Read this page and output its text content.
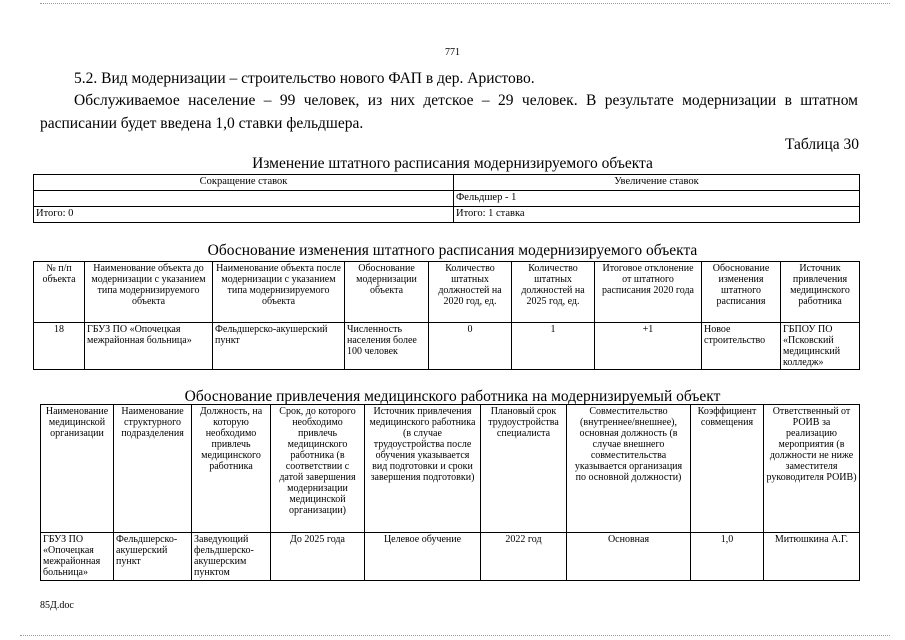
771
5.2. Вид модернизации – строительство нового ФАП в дер. Аристово.
Обслуживаемое население – 99 человек, из них детское – 29 человек. В результате модернизации в штатном
расписании будет введена 1,0 ставки фельдшера.
Таблица 30
Изменение штатного расписания модернизируемого объекта
Сокращение ставок	Увеличение ставок
	Фельдшер - 1
Итого: 0	Итого: 1 ставка
Обоснование изменения штатного расписания модернизируемого объекта
№ п/п объекта	Наименование объекта до модернизации с указанием типа модернизируемого объекта	Наименование объекта после модернизации с указанием типа модернизируемого объекта	Обоснование модернизации объекта	Количество штатных должностей на 2020 год, ед.	Количество штатных должностей на 2025 год, ед.	Итоговое отклонение от штатного расписания 2020 года	Обоснование изменения штатного расписания	Источник привлечения медицинского работника
18	ГБУЗ ПО «Опочецкая межрайонная больница»	Фельдшерско-акушерский пункт	Численность населения более 100 человек	0	1	+1	Новое строительство	ГБПОУ ПО «Псковский медицинский колледж»
Обоснование привлечения медицинского работника на модернизируемый объект
Наименование медицинской организации	Наименование структурного подразделения	Должность, на которую необходимо привлечь медицинского работника	Срок, до которого необходимо привлечь медицинского работника (в соответствии с датой завершения модернизации медицинской организации)	Источник привлечения медицинского работника (в случае трудоустройства после обучения указывается вид подготовки и сроки завершения подготовки)	Плановый срок трудоустройства специалиста	Совместительство (внутреннее/внешнее), основная должность (в случае внешнего совместительства указывается организация по основной должности)	Коэффициент совмещения	Ответственный от РОИВ за реализацию мероприятия (в должности не ниже заместителя руководителя РОИВ)
ГБУЗ ПО «Опочецкая межрайонная больница»	Фельдшерско-акушерский пункт	Заведующий фельдшерско-акушерским пунктом	До 2025 года	Целевое обучение	2022 год	Основная	1,0	Митюшкина А.Г.
85Д.doc
